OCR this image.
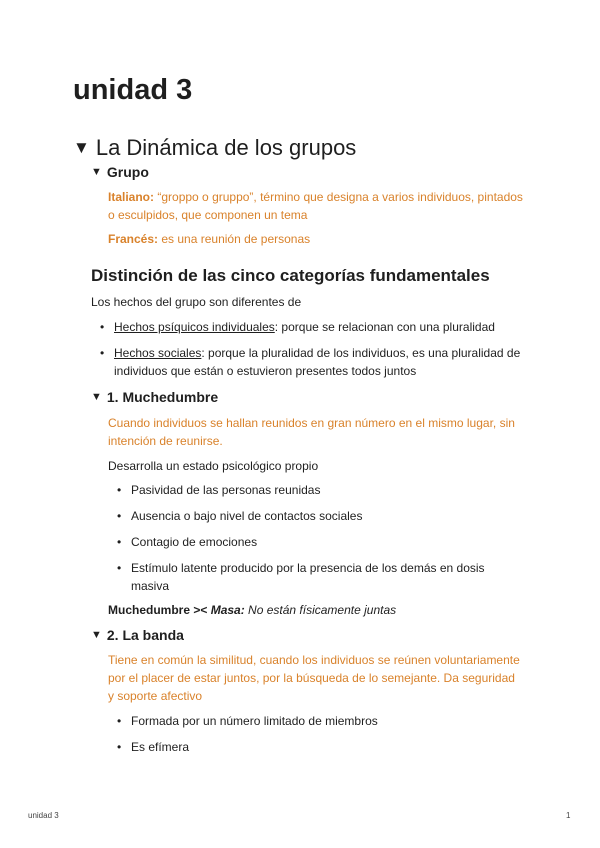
unidad 3
▼ La Dinámica de los grupos
▼ Grupo

Italiano: “groppo o gruppo”, término que designa a varios individuos, pintados
o esculpidos, que componen un tema

Francés: es una reunión de personas

Distinción de las cinco categorías fundamentales

Los hechos del grupo son diferentes de

• Hechos psíquicos individuales: porque se relacionan con una pluralidad
• Hechos sociales: porque la pluralidad de los individuos, es una pluralidad de
individuos que están o estuvieron presentes todos juntos
▼ 1. Muchedumbre

Cuando individuos se hallan reunidos en gran número en el mismo lugar, sin
intención de reunirse.

Desarrolla un estado psicológico propio

• Pasividad de las personas reunidas
• Ausencia o bajo nivel de contactos sociales
• Contagio de emociones
• Estímulo latente producido por la presencia de los demás en dosis
masiva

Muchedumbre >< Masa: No están físicamente juntas

▼ 2. La banda

Tiene en común la similitud, cuando los individuos se reúnen voluntariamente
por el placer de estar juntos, por la búsqueda de lo semejante. Da seguridad
y soporte afectivo

• Formada por un número limitado de miembros
• Es efímera
unidad 3	1
